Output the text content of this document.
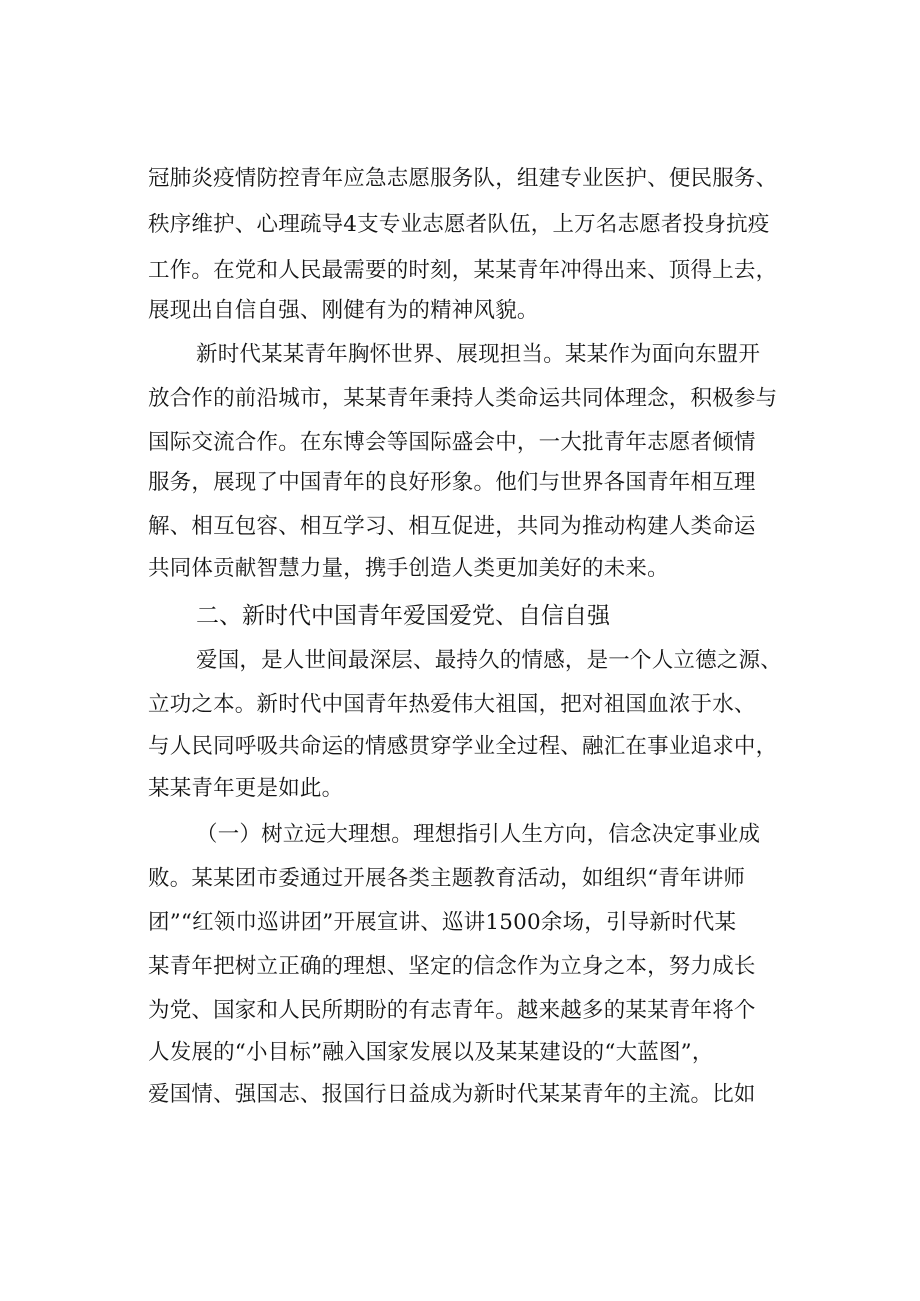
冠肺炎疫情防控青年应急志愿服务队，组建专业医护、便民服务、
秩序维护、心理疏导4支专业志愿者队伍，上万名志愿者投身抗疫
工作。在党和人民最需要的时刻，某某青年冲得出来、顶得上去，
展现出自信自强、刚健有为的精神风貌。
新时代某某青年胸怀世界、展现担当。某某作为面向东盟开
放合作的前沿城市，某某青年秉持人类命运共同体理念，积极参与
国际交流合作。在东博会等国际盛会中，一大批青年志愿者倾情
服务，展现了中国青年的良好形象。他们与世界各国青年相互理
解、相互包容、相互学习、相互促进，共同为推动构建人类命运
共同体贡献智慧力量，携手创造人类更加美好的未来。
二、新时代中国青年爱国爱党、自信自强
爱国，是人世间最深层、最持久的情感，是一个人立德之源、
立功之本。新时代中国青年热爱伟大祖国，把对祖国血浓于水、
与人民同呼吸共命运的情感贯穿学业全过程、融汇在事业追求中，
某某青年更是如此。
（一）树立远大理想。理想指引人生方向，信念决定事业成
败。某某团市委通过开展各类主题教育活动，如组织“青年讲师
团”“红领巾巡讲团”开展宣讲、巡讲1500余场，引导新时代某
某青年把树立正确的理想、坚定的信念作为立身之本，努力成长
为党、国家和人民所期盼的有志青年。越来越多的某某青年将个
人发展的“小目标”融入国家发展以及某某建设的“大蓝图”，
爱国情、强国志、报国行日益成为新时代某某青年的主流。比如
